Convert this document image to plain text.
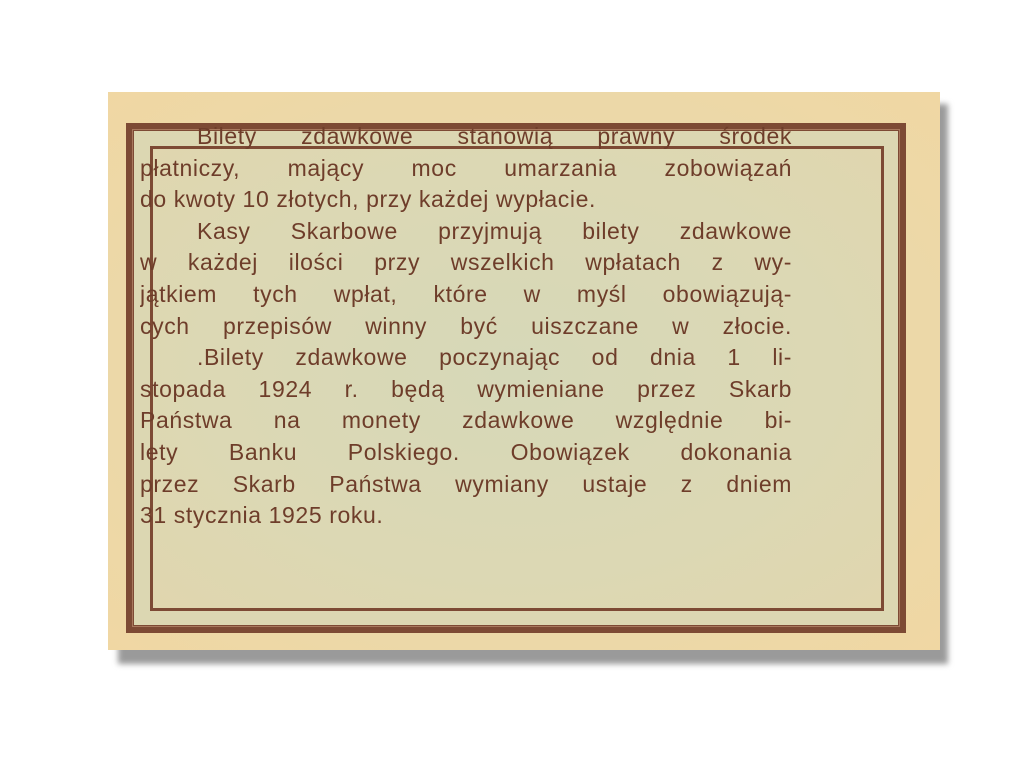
Bilety zdawkowe stanowią prawny środek
płatniczy, mający moc umarzania zobowiązań
do kwoty 10 złotych, przy każdej wypłacie.
Kasy Skarbowe przyjmują bilety zdawkowe
w każdej ilości przy wszelkich wpłatach z wy-
jątkiem tych wpłat, które w myśl obowiązują-
cych przepisów winny być uiszczane w złocie.
.Bilety zdawkowe poczynając od dnia 1 li-
stopada 1924 r. będą wymieniane przez Skarb
Państwa na monety zdawkowe względnie bi-
lety Banku Polskiego. Obowiązek dokonania
przez Skarb Państwa wymiany ustaje z dniem
31 stycznia 1925 roku.
